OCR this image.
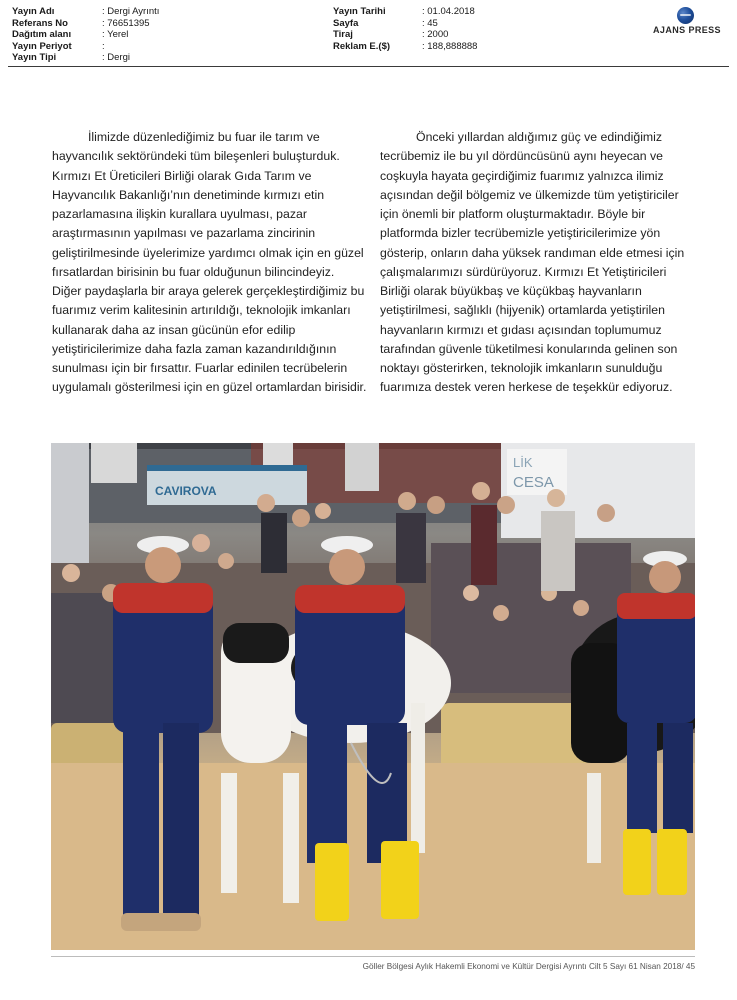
Yayın Adı	: Dergi Ayrıntı
Referans No	: 76651395
Dağıtım alanı	: Yerel
Yayın Periyot	:
Yayın Tipi	: Dergi
Yayın Tarihi	: 01.04.2018
Sayfa	: 45
Tiraj	: 2000
Reklam E.($)	: 188,888888
AJANS PRESS

İlimizde düzenlediğimiz bu fuar ile tarım ve hayvancılık sektöründeki tüm bileşenleri buluşturduk. Kırmızı Et Üreticileri Birliği olarak Gıda Tarım ve Hayvancılık Bakanlığı’nın denetiminde kırmızı etin pazarlamasına ilişkin kurallara uyulması, pazar araştırmasının yapılması ve pazarlama zincirinin geliştirilmesinde üyelerimize yardımcı olmak için en güzel fırsatlardan birisinin bu fuar olduğunun bilincindeyiz. Diğer paydaşlarla bir araya gelerek gerçekleştirdiğimiz bu fuarımız verim kalitesinin artırıldığı, teknolojik imkanları kullanarak daha az insan gücünün efor edilip yetiştiricilerimize daha fazla zaman kazandırıldığının sunulması için bir fırsattır. Fuarlar edinilen tecrübelerin uygulamalı gösterilmesi için en güzel ortamlardan birisidir.

Önceki yıllardan aldığımız güç ve edindiğimiz tecrübemiz ile bu yıl dördüncüsünü aynı heyecan ve coşkuyla hayata geçirdiğimiz fuarımız yalnızca ilimiz açısından değil bölgemiz ve ülkemizde tüm yetiştiriciler için önemli bir platform oluşturmaktadır. Böyle bir platformda bizler tecrübemizle yetiştiricilerimize yön gösterip, onların daha yüksek randıman elde etmesi için çalışmalarımızı sürdürüyoruz. Kırmızı Et Yetiştiricileri Birliği olarak büyükbaş ve küçükbaş hayvanların yetiştirilmesi, sağlıklı (hijyenik) ortamlarda yetiştirilen hayvanların kırmızı et gıdası açısından toplumumuz tarafından güvenle tüketilmesi konularında gelinen son noktayı gösterirken, teknolojik imkanların sunulduğu fuarımıza destek veren herkese de teşekkür ediyoruz.

CAVIROVA
LİK
CESA
Göller Bölgesi Aylık Hakemli Ekonomi ve Kültür Dergisi Ayrıntı Cilt 5 Sayı 61 Nisan 2018/ 45
